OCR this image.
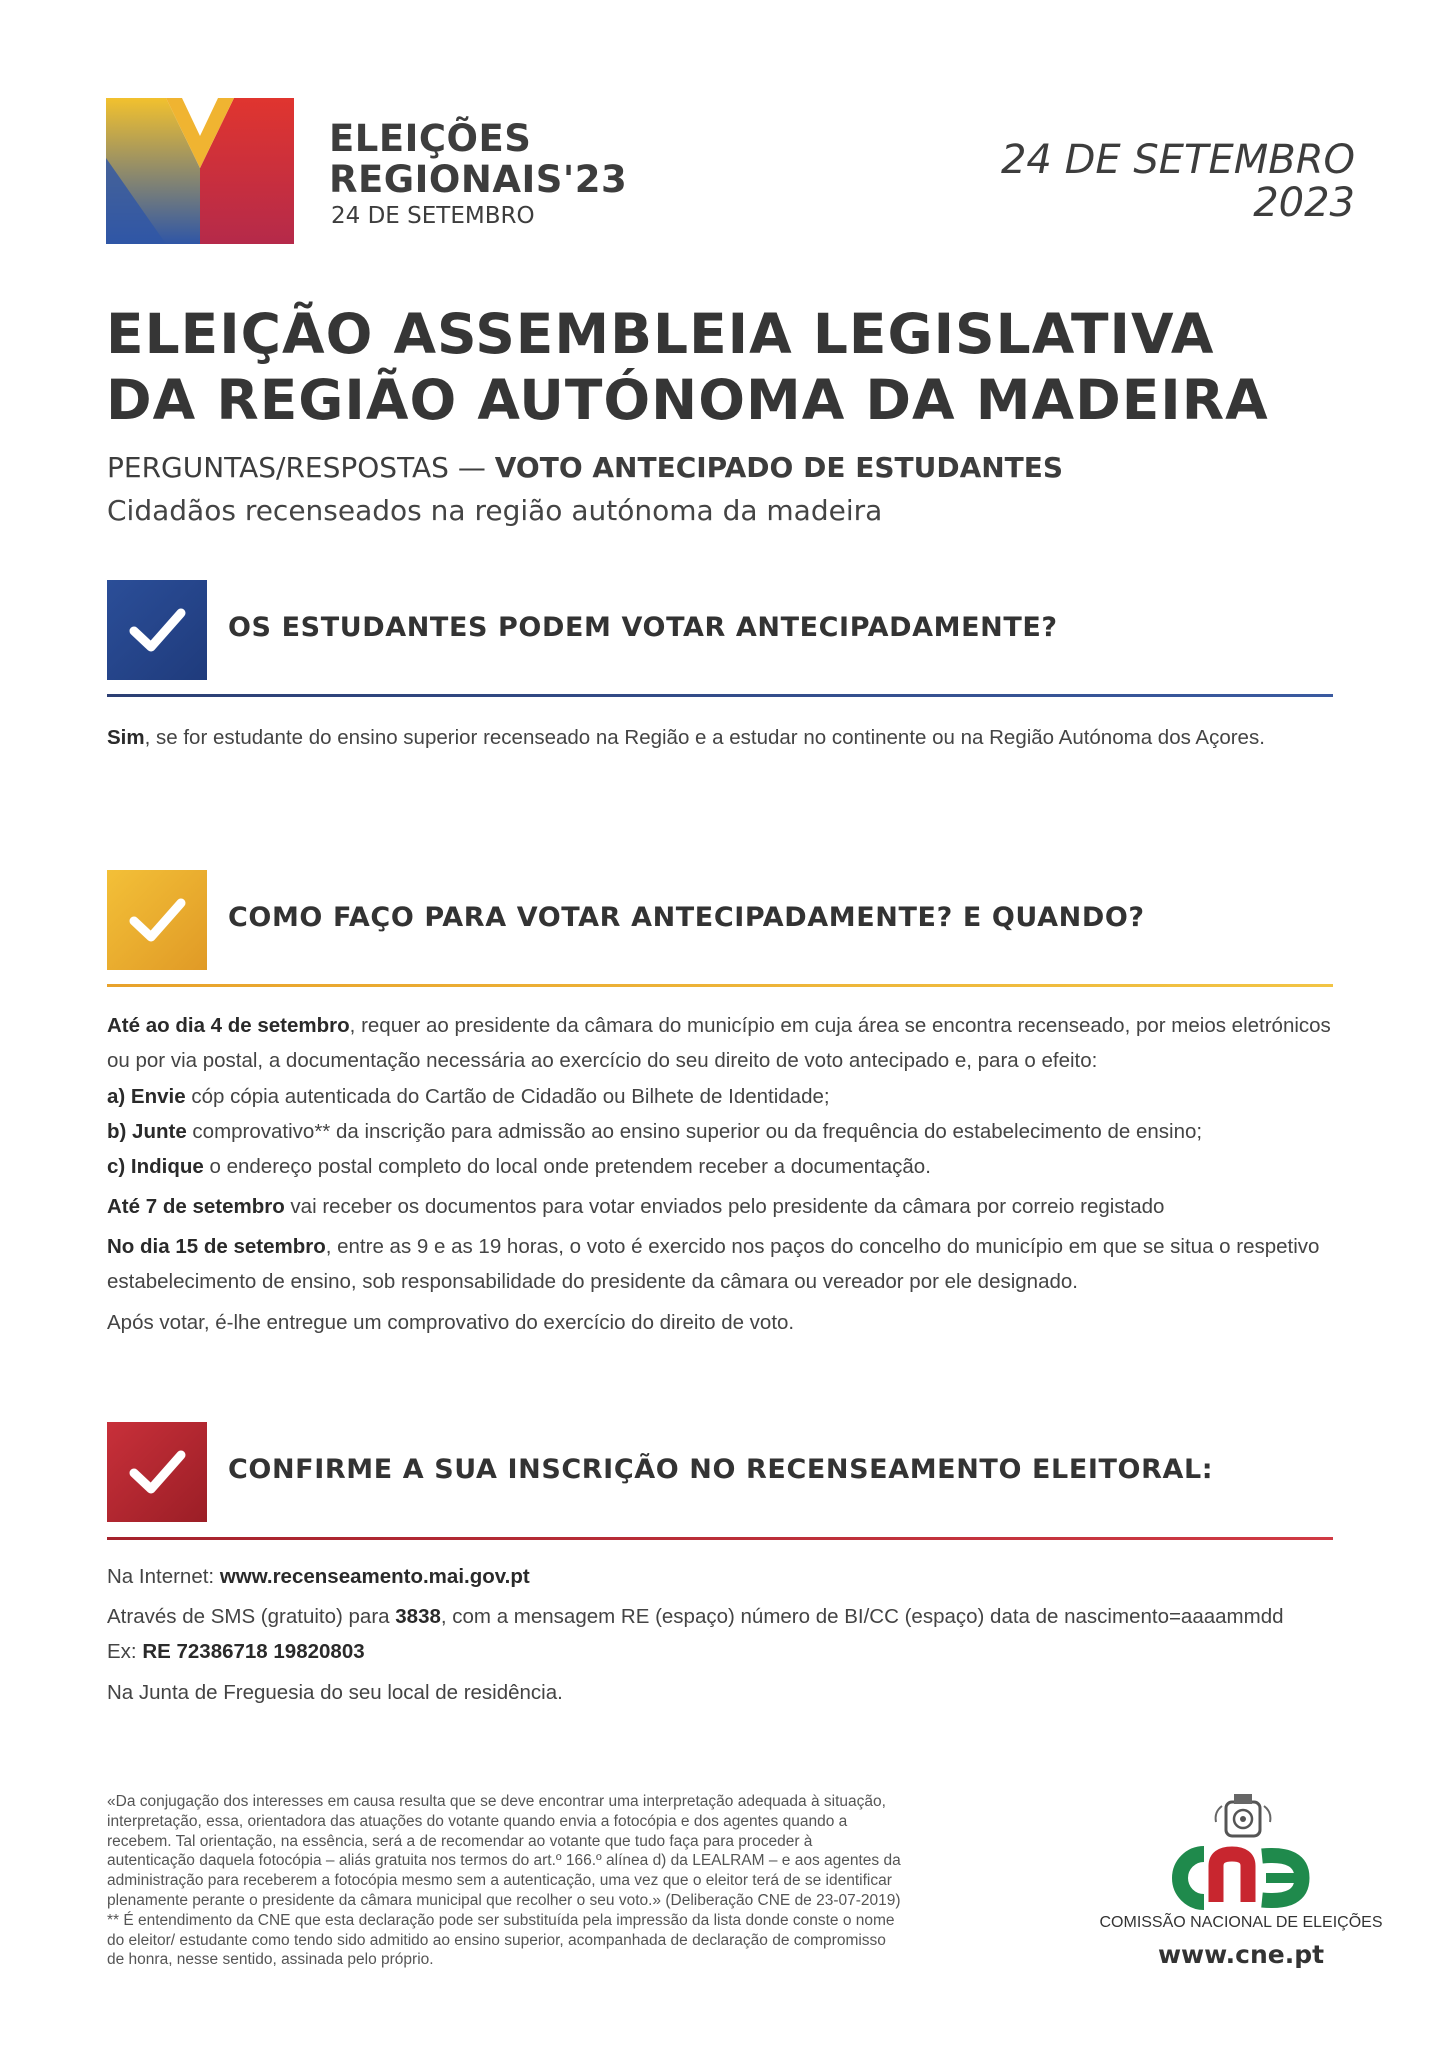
ELEIÇÕES
REGIONAIS'23
24 DE SETEMBRO
24 DE SETEMBRO
2023
ELEIÇÃO ASSEMBLEIA LEGISLATIVA
DA REGIÃO AUTÓNOMA DA MADEIRA
PERGUNTAS/RESPOSTAS — VOTO ANTECIPADO DE ESTUDANTES
Cidadãos recenseados na região autónoma da madeira
OS ESTUDANTES PODEM VOTAR ANTECIPADAMENTE?
Sim, se for estudante do ensino superior recenseado na Região e a estudar no continente ou na Região Autónoma dos Açores.
COMO FAÇO PARA VOTAR ANTECIPADAMENTE? E QUANDO?
Até ao dia 4 de setembro, requer ao presidente da câmara do município em cuja área se encontra recenseado, por meios eletrónicos ou por via postal, a documentação necessária ao exercício do seu direito de voto antecipado e, para o efeito:
a) Envie cóp cópia autenticada do Cartão de Cidadão ou Bilhete de Identidade;
b) Junte comprovativo** da inscrição para admissão ao ensino superior ou da frequência do estabelecimento de ensino;
c) Indique o endereço postal completo do local onde pretendem receber a documentação.
Até 7 de setembro vai receber os documentos para votar enviados pelo presidente da câmara por correio registado
No dia 15 de setembro, entre as 9 e as 19 horas, o voto é exercido nos paços do concelho do município em que se situa o respetivo estabelecimento de ensino, sob responsabilidade do presidente da câmara ou vereador por ele designado.
Após votar, é-lhe entregue um comprovativo do exercício do direito de voto.
CONFIRME A SUA INSCRIÇÃO NO RECENSEAMENTO ELEITORAL:
Na Internet: www.recenseamento.mai.gov.pt
Através de SMS (gratuito) para 3838, com a mensagem RE (espaço) número de BI/CC (espaço) data de nascimento=aaaammdd
Ex: RE 72386718 19820803
Na Junta de Freguesia do seu local de residência.
«Da conjugação dos interesses em causa resulta que se deve encontrar uma interpretação adequada à situação,
interpretação, essa, orientadora das atuações do votante quando envia a fotocópia e dos agentes quando a
recebem. Tal orientação, na essência, será a de recomendar ao votante que tudo faça para proceder à
autenticação daquela fotocópia – aliás gratuita nos termos do art.º 166.º alínea d) da LEALRAM – e aos agentes da
administração para receberem a fotocópia mesmo sem a autenticação, uma vez que o eleitor terá de se identificar
plenamente perante o presidente da câmara municipal que recolher o seu voto.» (Deliberação CNE de 23-07-2019)
** É entendimento da CNE que esta declaração pode ser substituída pela impressão da lista donde conste o nome
do eleitor/ estudante como tendo sido admitido ao ensino superior, acompanhada de declaração de compromisso
de honra, nesse sentido, assinada pelo próprio.
COMISSÃO NACIONAL DE ELEIÇÕES
www.cne.pt
